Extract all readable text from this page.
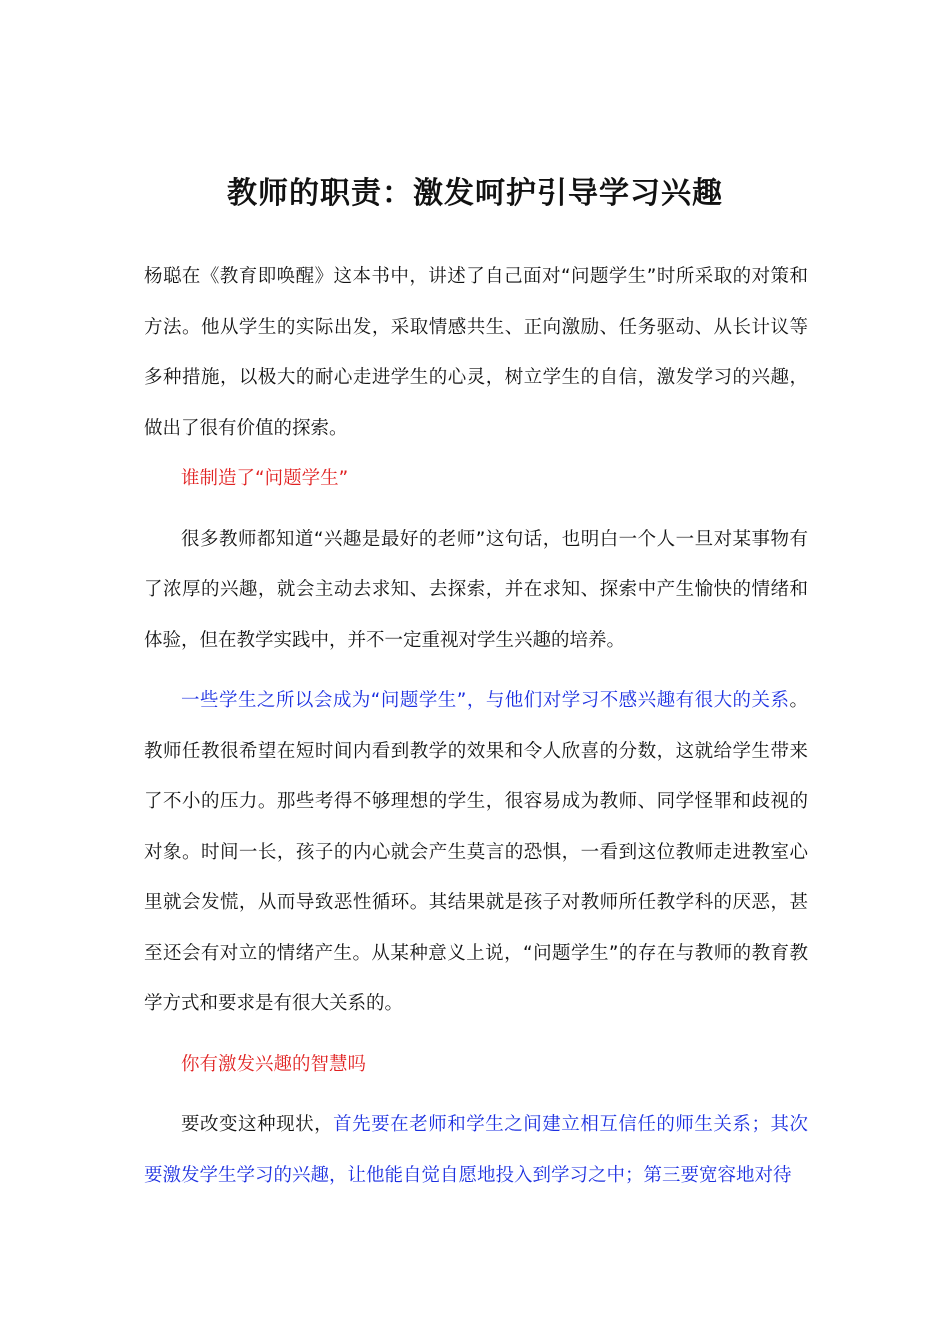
教师的职责：激发呵护引导学习兴趣

杨聪在《教育即唤醒》这本书中，讲述了自己面对“问题学生”时所采取的对策和方法。他从学生的实际出发，采取情感共生、正向激励、任务驱动、从长计议等多种措施，以极大的耐心走进学生的心灵，树立学生的自信，激发学习的兴趣，做出了很有价值的探索。

谁制造了“问题学生”

很多教师都知道“兴趣是最好的老师”这句话，也明白一个人一旦对某事物有了浓厚的兴趣，就会主动去求知、去探索，并在求知、探索中产生愉快的情绪和体验，但在教学实践中，并不一定重视对学生兴趣的培养。

一些学生之所以会成为“问题学生”，与他们对学习不感兴趣有很大的关系。教师任教很希望在短时间内看到教学的效果和令人欣喜的分数，这就给学生带来了不小的压力。那些考得不够理想的学生，很容易成为教师、同学怪罪和歧视的对象。时间一长，孩子的内心就会产生莫言的恐惧，一看到这位教师走进教室心里就会发慌，从而导致恶性循环。其结果就是孩子对教师所任教学科的厌恶，甚至还会有对立的情绪产生。从某种意义上说，“问题学生”的存在与教师的教育教学方式和要求是有很大关系的。

你有激发兴趣的智慧吗

要改变这种现状，首先要在老师和学生之间建立相互信任的师生关系；其次要激发学生学习的兴趣，让他能自觉自愿地投入到学习之中；第三要宽容地对待
